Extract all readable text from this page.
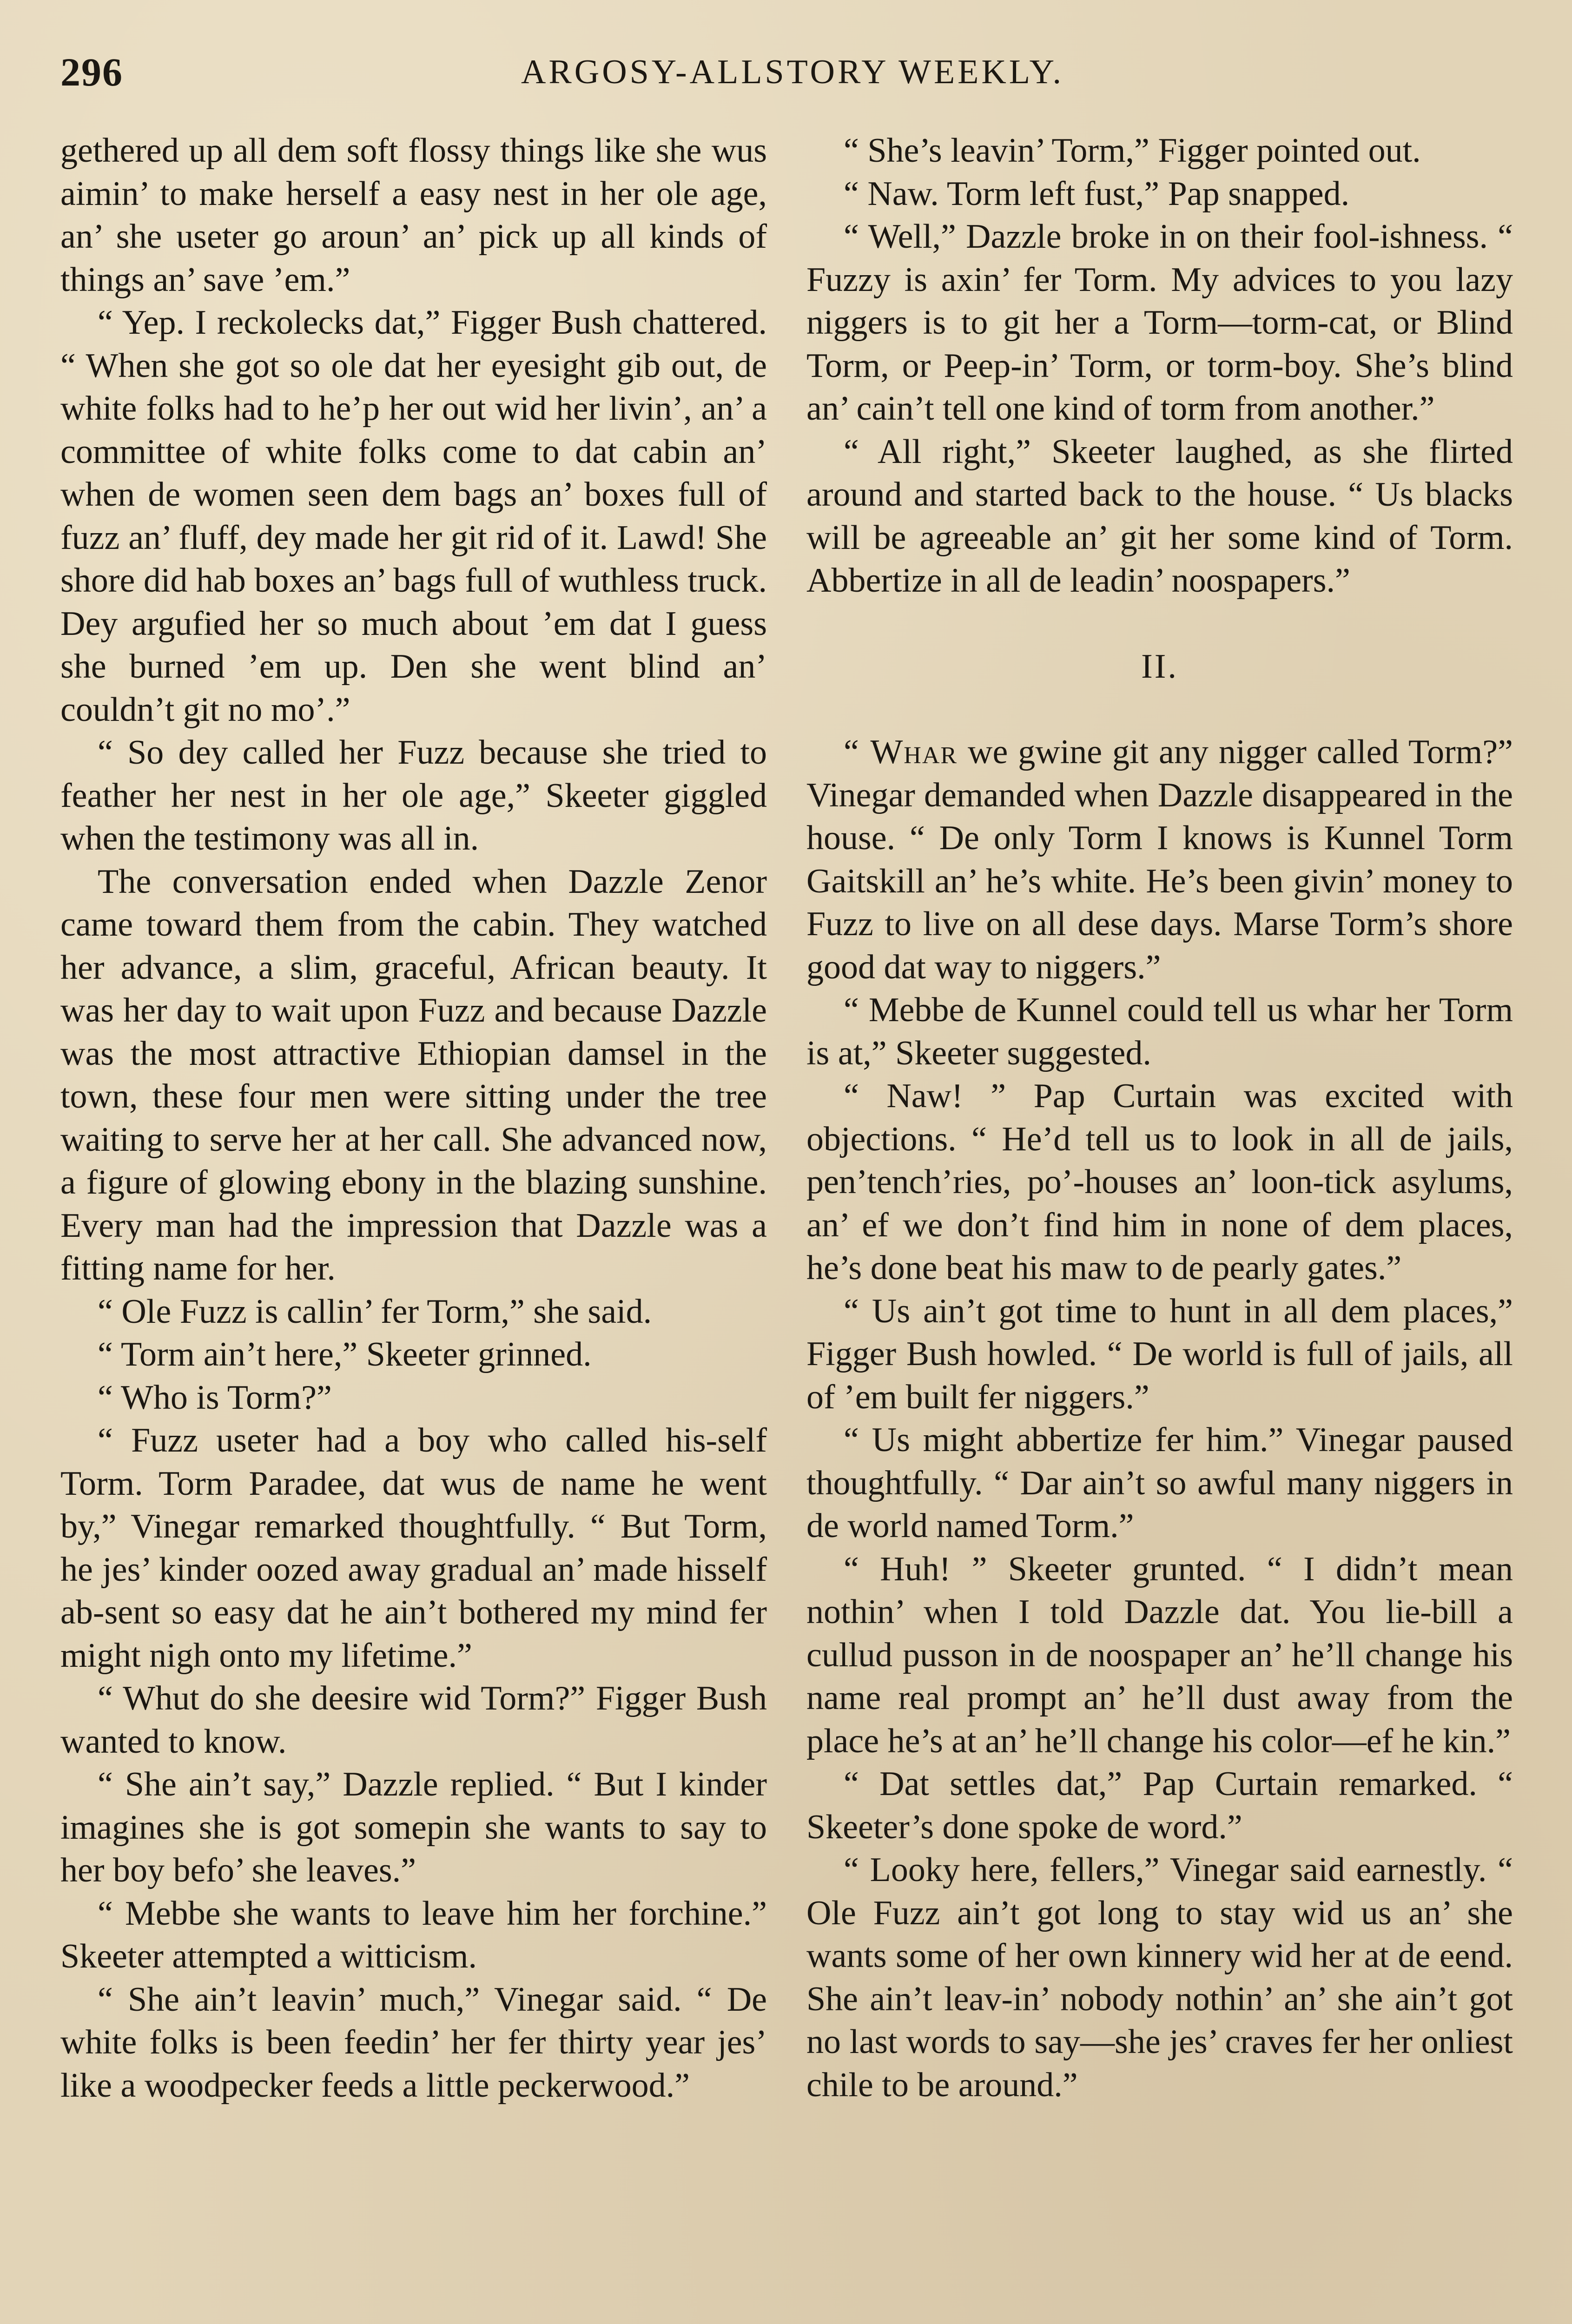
296	ARGOSY-ALLSTORY WEEKLY.

gethered up all dem soft flossy things like she wus aimin’ to make herself a easy nest in her ole age, an’ she useter go aroun’ an’ pick up all kinds of things an’ save ’em.”

“ Yep. I reckolecks dat,” Figger Bush chattered. “ When she got so ole dat her eyesight gib out, de white folks had to he’p her out wid her livin’, an’ a committee of white folks come to dat cabin an’ when de women seen dem bags an’ boxes full of fuzz an’ fluff, dey made her git rid of it. Lawd! She shore did hab boxes an’ bags full of wuthless truck. Dey argufied her so much about ’em dat I guess she burned ’em up. Den she went blind an’ couldn’t git no mo’.”

“ So dey called her Fuzz because she tried to feather her nest in her ole age,” Skeeter giggled when the testimony was all in.

The conversation ended when Dazzle Zenor came toward them from the cabin. They watched her advance, a slim, graceful, African beauty. It was her day to wait upon Fuzz and because Dazzle was the most attractive Ethiopian damsel in the town, these four men were sitting under the tree waiting to serve her at her call. She advanced now, a figure of glowing ebony in the blazing sunshine. Every man had the impression that Dazzle was a fitting name for her.

“ Ole Fuzz is callin’ fer Torm,” she said.

“ Torm ain’t here,” Skeeter grinned.

“ Who is Torm?”

“ Fuzz useter had a boy who called his-self Torm. Torm Paradee, dat wus de name he went by,” Vinegar remarked thoughtfully. “ But Torm, he jes’ kinder oozed away gradual an’ made hisself ab-sent so easy dat he ain’t bothered my mind fer might nigh onto my lifetime.”

“ Whut do she deesire wid Torm?” Figger Bush wanted to know.

“ She ain’t say,” Dazzle replied. “ But I kinder imagines she is got somepin she wants to say to her boy befo’ she leaves.”

“ Mebbe she wants to leave him her forchine.” Skeeter attempted a witticism.

“ She ain’t leavin’ much,” Vinegar said. “ De white folks is been feedin’ her fer thirty year jes’ like a woodpecker feeds a little peckerwood.”

“ She’s leavin’ Torm,” Figger pointed out.

“ Naw. Torm left fust,” Pap snapped.

“ Well,” Dazzle broke in on their fool-ishness. “ Fuzzy is axin’ fer Torm. My advices to you lazy niggers is to git her a Torm—torm-cat, or Blind Torm, or Peep-in’ Torm, or torm-boy. She’s blind an’ cain’t tell one kind of torm from another.”

“ All right,” Skeeter laughed, as she flirted around and started back to the house. “ Us blacks will be agreeable an’ git her some kind of Torm. Abbertize in all de leadin’ noospapers.”

II.

“ Whar we gwine git any nigger called Torm?” Vinegar demanded when Dazzle disappeared in the house. “ De only Torm I knows is Kunnel Torm Gaitskill an’ he’s white. He’s been givin’ money to Fuzz to live on all dese days. Marse Torm’s shore good dat way to niggers.”

“ Mebbe de Kunnel could tell us whar her Torm is at,” Skeeter suggested.

“ Naw! ” Pap Curtain was excited with objections. “ He’d tell us to look in all de jails, pen’tench’ries, po’-houses an’ loon-tick asylums, an’ ef we don’t find him in none of dem places, he’s done beat his maw to de pearly gates.”

“ Us ain’t got time to hunt in all dem places,” Figger Bush howled. “ De world is full of jails, all of ’em built fer niggers.”

“ Us might abbertize fer him.” Vinegar paused thoughtfully. “ Dar ain’t so awful many niggers in de world named Torm.”

“ Huh! ” Skeeter grunted. “ I didn’t mean nothin’ when I told Dazzle dat. You lie-bill a cullud pusson in de noospaper an’ he’ll change his name real prompt an’ he’ll dust away from the place he’s at an’ he’ll change his color—ef he kin.”

“ Dat settles dat,” Pap Curtain remarked. “ Skeeter’s done spoke de word.”

“ Looky here, fellers,” Vinegar said earnestly. “ Ole Fuzz ain’t got long to stay wid us an’ she wants some of her own kinnery wid her at de eend. She ain’t leav-in’ nobody nothin’ an’ she ain’t got no last words to say—she jes’ craves fer her onliest chile to be around.”
